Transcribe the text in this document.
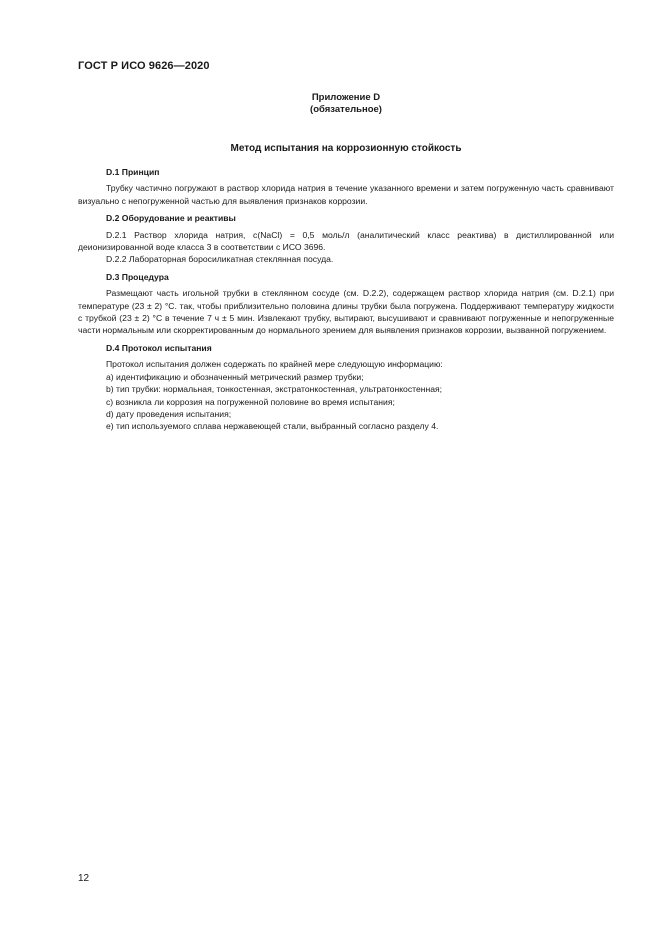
ГОСТ Р ИСО 9626—2020
Приложение D
(обязательное)
Метод испытания на коррозионную стойкость
D.1 Принцип

Трубку частично погружают в раствор хлорида натрия в течение указанного времени и затем погруженную часть сравнивают визуально с непогруженной частью для выявления признаков коррозии.

D.2 Оборудование и реактивы

D.2.1 Раствор хлорида натрия, с(NaCl) = 0,5 моль/л (аналитический класс реактива) в дистиллированной или деионизированной воде класса 3 в соответствии с ИСО 3696.

D.2.2 Лабораторная боросиликатная стеклянная посуда.

D.3 Процедура

Размещают часть игольной трубки в стеклянном сосуде (см. D.2.2), содержащем раствор хлорида натрия (см. D.2.1) при температуре (23 ± 2) °С. так, чтобы приблизительно половина длины трубки была погружена. Поддерживают температуру жидкости с трубкой (23 ± 2) °С в течение 7 ч ± 5 мин. Извлекают трубку, вытирают, высушивают и сравнивают погруженные и непогруженные части нормальным или скорректированным до нормального зрением для выявления признаков коррозии, вызванной погружением.

D.4 Протокол испытания

Протокол испытания должен содержать по крайней мере следующую информацию:

а) идентификацию и обозначенный метрический размер трубки;

b) тип трубки: нормальная, тонкостенная, экстратонкостенная, ультратонкостенная;

c) возникла ли коррозия на погруженной половине во время испытания;

d) дату проведения испытания;

e) тип используемого сплава нержавеющей стали, выбранный согласно разделу 4.

12
